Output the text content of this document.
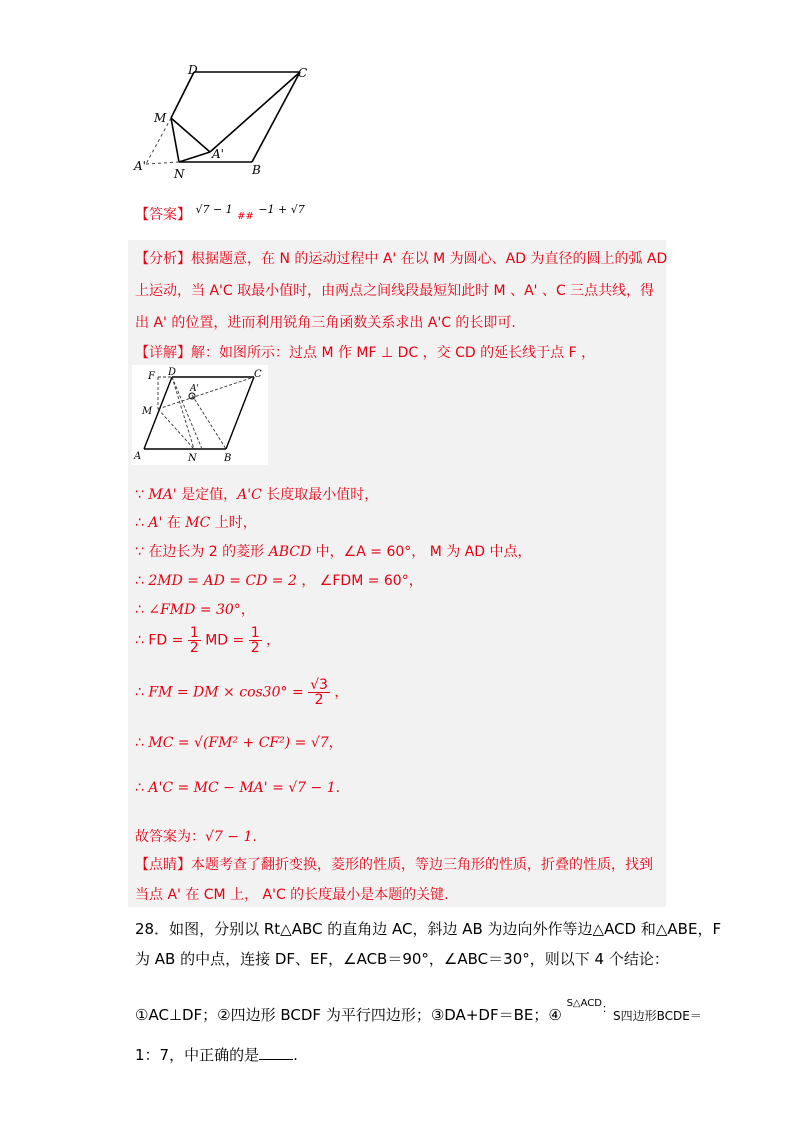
D	C
M
A'
A'
N	B
【答案】 $^{√7 - 1}$ ## $^{-1 + √7}$
【分析】根据题意，在 N 的运动过程中 A' 在以 M 为圆心、AD 为直径的圆上的弧 AD
上运动，当 A'C 取最小值时，由两点之间线段最短知此时 M 、A' 、C 三点共线，得
出 A' 的位置，进而利用锐角三角函数关系求出 A'C 的长即可.
【详解】解：如图所示：过点 M 作 MF ⊥ DC ，交 CD 的延长线于点 F ，
F D	C
A'
M
A	N	B
∵ MA' 是定值，A'C 长度取最小值时，
∴ A' 在 MC 上时，
∵ 在边长为 2 的菱形 ABCD 中，∠A = 60°， M 为 AD 中点，
∴ 2MD = AD = CD = 2 ， ∠FDM = 60°，
∴ ∠FMD = 30°，
∴ FD = $\frac{1}{2}$ MD = $\frac{1}{2}$ ，
∴ FM = DM × $\cos 30^\circ = \frac{√3}{2}$ ，
∴ MC = √(FM² + CF²) = √7，
∴ A'C = MC − MA' = √7 − 1.
故答案为：√7 − 1.
【点睛】本题考查了翻折变换，菱形的性质，等边三角形的性质，折叠的性质，找到
当点 A' 在 CM 上， A'C 的长度最小是本题的关键.
28．如图，分别以 Rt△ABC 的直角边 AC，斜边 AB 为边向外作等边△ACD 和△ABE，F
为 AB 的中点，连接 DF、EF，∠ACB＝90°，∠ABC＝30°，则以下 4 个结论：
①AC⊥DF；②四边形 BCDF 为平行四边形；③DA+DF＝BE；④ $^{S\triangle ACD:}$S四边形BCDE＝
1：7，中正确的是 .
